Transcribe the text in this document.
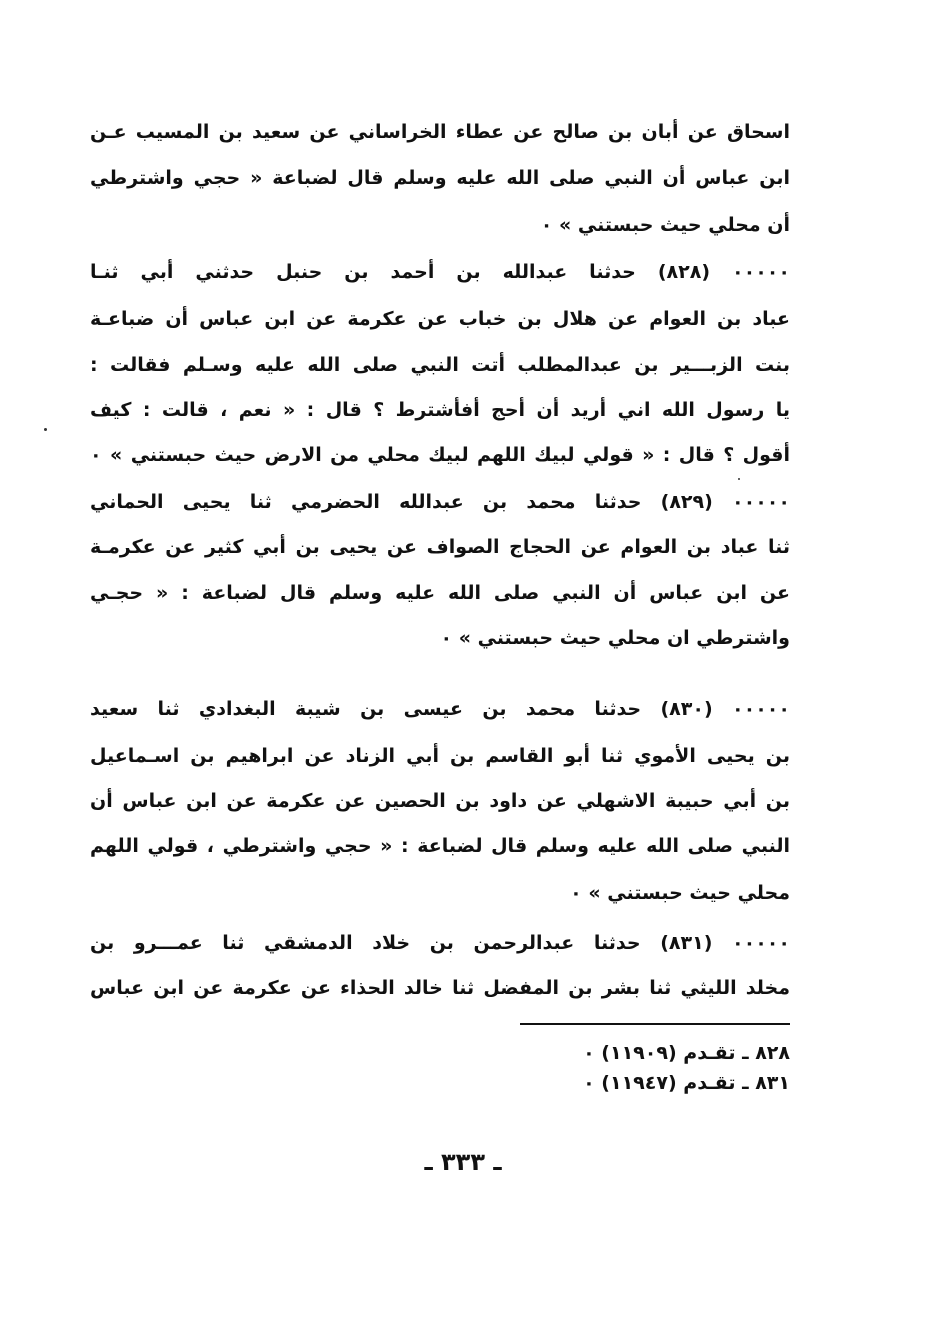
اسحاق عن أبان بن صالح عن عطاء الخراساني عن سعيد بن المسيب عـن
ابن عباس أن النبي صلى الله عليه وسلم قال لضباعة « حجي واشترطي
أن محلي حيث حبستني » ٠
٠٠٠٠٠ (٨٢٨) حدثنا عبدالله بن أحمد بن حنبل حدثني أبي ثنـا
عباد بن العوام عن هلال بن خباب عن عكرمة عن ابن عباس أن ضباعـة
بنت الزبـــير بن عبدالمطلب أتت النبي صلى الله عليه وسـلم فقالت :
يا رسول الله اني أريد أن أحج أفأشترط ؟ قال : « نعم ، قالت : كيف
أقول ؟ قال : « قولي لبيك اللهم لبيك محلي من الارض حيث حبستني » ٠
٠٠٠٠٠ (٨٢٩) حدثنا محمد بن عبدالله الحضرمي ثنا يحيى الحماني
ثنا عباد بن العوام عن الحجاج الصواف عن يحيى بن أبي كثير عن عكرمـة
عن ابن عباس أن النبي صلى الله عليه وسلم قال لضباعة : « حجـي
واشترطي ان محلي حيث حبستني » ٠
٠٠٠٠٠ (٨٣٠) حدثنا محمد بن عيسى بن شيبة البغدادي ثنا سعيد
بن يحيى الأموي ثنا أبو القاسم بن أبي الزناد عن ابراهيم بن اسـماعيل
بن أبي حبيبة الاشهلي عن داود بن الحصين عن عكرمة عن ابن عباس أن
النبي صلى الله عليه وسلم قال لضباعة : « حجي واشترطي ، قولي اللهم
محلي حيث حبستني » ٠
٠٠٠٠٠ (٨٣١) حدثنا عبدالرحمن بن خلاد الدمشقي ثنا عمـــرو بن
مخلد الليثي ثنا بشر بن المفضل ثنا خالد الحذاء عن عكرمة عن ابن عباس
٨٢٨ ـ تقـدم (١١٩٠٩) ٠
٨٣١ ـ تقـدم (١١٩٤٧) ٠
ـ ٣٣٣ ـ
